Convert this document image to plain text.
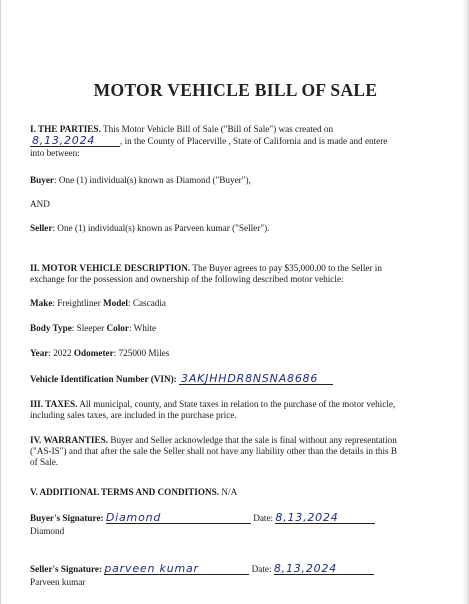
MOTOR VEHICLE BILL OF SALE
I. THE PARTIES. This Motor Vehicle Bill of Sale ("Bill of Sale") was created on
8,13,2024	, in the County of Placerville , State of California and is made and entere
into between:
Buyer: One (1) individual(s) known as Diamond ("Buyer"),
AND
Seller: One (1) individual(s) known as Parveen kumar ("Seller").
II. MOTOR VEHICLE DESCRIPTION. The Buyer agrees to pay $35,000.00 to the Seller in
exchange for the possession and ownership of the following described motor vehicle:
Make: Freightliner Model: Cascadia
Body Type: Sleeper Color: White
Year: 2022 Odometer: 725000 Miles
Vehicle Identification Number (VIN): 3AKJHHDR8NSNA8686
III. TAXES. All municipal, county, and State taxes in relation to the purchase of the motor vehicle,
including sales taxes, are included in the purchase price.
IV. WARRANTIES. Buyer and Seller acknowledge that the sale is final without any representation
("AS-IS") and that after the sale the Seller shall not have any liability other than the details in this B
of Sale.
V. ADDITIONAL TERMS AND CONDITIONS. N/A
Buyer's Signature: Diamond	Date: 8,13,2024
Diamond
Seller's Signature: parveen kumar	Date: 8,13,2024
Parveen kumar
